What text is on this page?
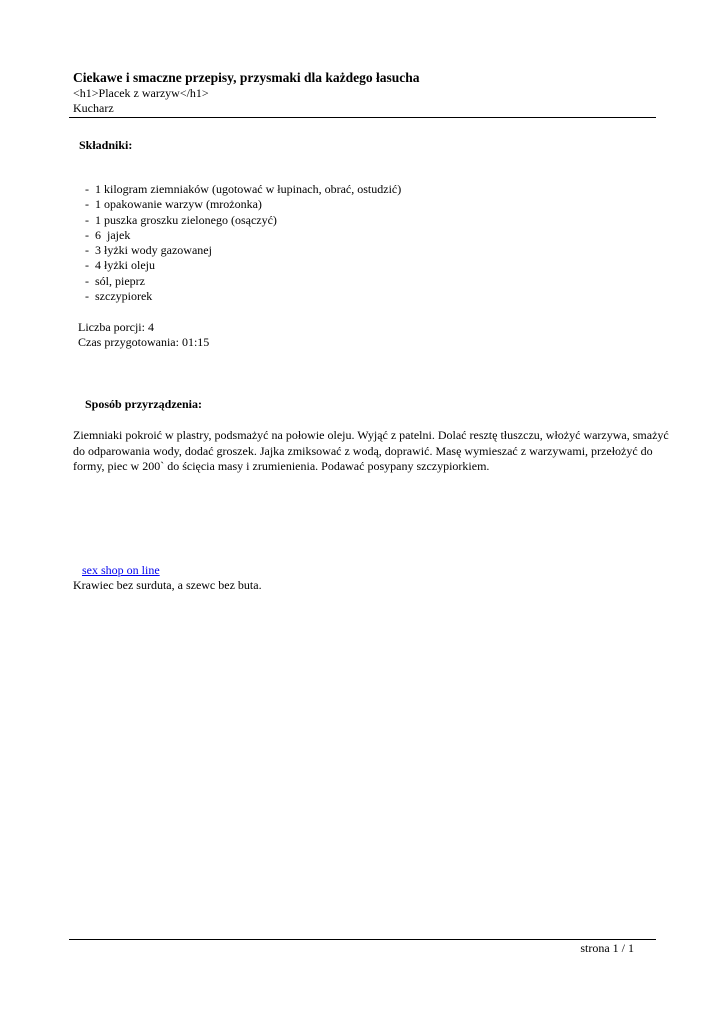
Ciekawe i smaczne przepisy, przysmaki dla każdego łasucha

<h1>Placek z warzyw</h1>

Kucharz

Składniki:
-  1 kilogram ziemniaków (ugotować w łupinach, obrać, ostudzić)
-  1 opakowanie warzyw (mrożonka)
-  1 puszka groszku zielonego (osączyć)
-  6  jajek
-  3 łyżki wody gazowanej
-  4 łyżki oleju
-  sól, pieprz
-  szczypiorek
Liczba porcji: 4
Czas przygotowania: 01:15
Sposób przyrządzenia:

Ziemniaki pokroić w plastry, podsmażyć na połowie oleju. Wyjąć z patelni. Dolać resztę tłuszczu, włożyć warzywa, smażyć do odparowania wody, dodać groszek. Jajka zmiksować z wodą, doprawić. Masę wymieszać z warzywami, przełożyć do formy, piec w 200` do ścięcia masy i zrumienienia. Podawać posypany szczypiorkiem.

sex shop on line
Krawiec bez surduta, a szewc bez buta.
strona 1 / 1
